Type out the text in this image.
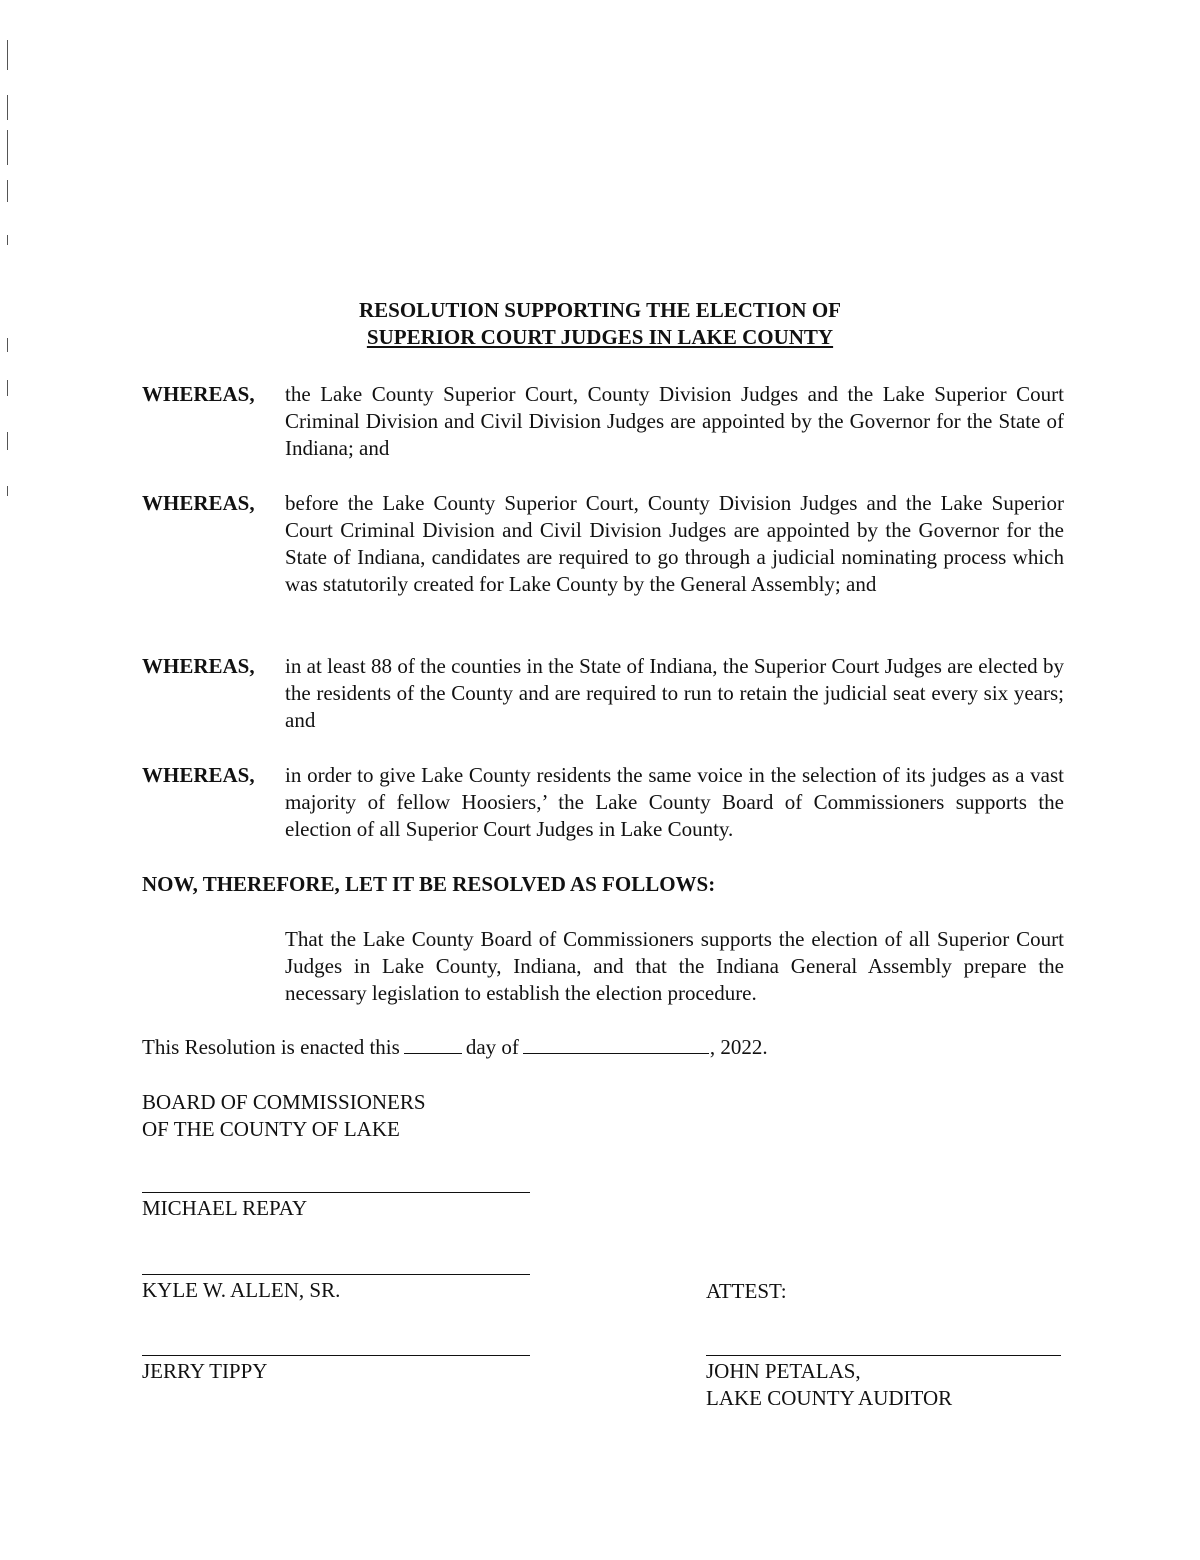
RESOLUTION SUPPORTING THE ELECTION OF
SUPERIOR COURT JUDGES IN LAKE COUNTY
WHEREAS, the Lake County Superior Court, County Division Judges and the Lake Superior Court Criminal Division and Civil Division Judges are appointed by the Governor for the State of Indiana; and
WHEREAS, before the Lake County Superior Court, County Division Judges and the Lake Superior Court Criminal Division and Civil Division Judges are appointed by the Governor for the State of Indiana, candidates are required to go through a judicial nominating process which was statutorily created for Lake County by the General Assembly; and
WHEREAS, in at least 88 of the counties in the State of Indiana, the Superior Court Judges are elected by the residents of the County and are required to run to retain the judicial seat every six years; and
WHEREAS, in order to give Lake County residents the same voice in the selection of its judges as a vast majority of fellow Hoosiers,’ the Lake County Board of Commissioners supports the election of all Superior Court Judges in Lake County.
NOW, THEREFORE, LET IT BE RESOLVED AS FOLLOWS:
That the Lake County Board of Commissioners supports the election of all Superior Court Judges in Lake County, Indiana, and that the Indiana General Assembly prepare the necessary legislation to establish the election procedure.
This Resolution is enacted this	day of	, 2022.
BOARD OF COMMISSIONERS
OF THE COUNTY OF LAKE
MICHAEL REPAY
KYLE W. ALLEN, SR.
JERRY TIPPY
ATTEST:
JOHN PETALAS,
LAKE COUNTY AUDITOR
